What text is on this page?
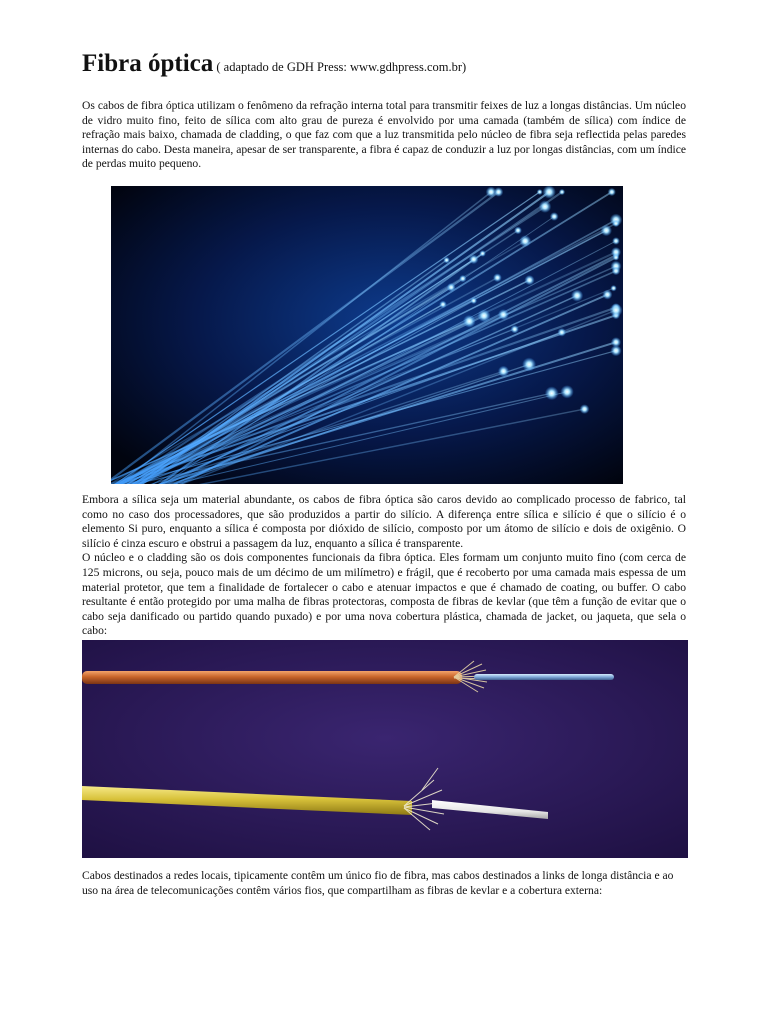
Fibra óptica ( adaptado de GDH Press: www.gdhpress.com.br)

Os cabos de fibra óptica utilizam o fenômeno da refração interna total para transmitir feixes de luz a longas distâncias. Um núcleo de vidro muito fino, feito de sílica com alto grau de pureza é envolvido por uma camada (também de sílica) com índice de refração mais baixo, chamada de cladding, o que faz com que a luz transmitida pelo núcleo de fibra seja reflectida pelas paredes internas do cabo. Desta maneira, apesar de ser transparente, a fibra é capaz de conduzir a luz por longas distâncias, com um índice de perdas muito pequeno.

Embora a sílica seja um material abundante, os cabos de fibra óptica são caros devido ao complicado processo de fabrico, tal como no caso dos processadores, que são produzidos a partir do silício. A diferença entre sílica e silício é que o silício é o elemento Si puro, enquanto a sílica é composta por dióxido de silício, composto por um átomo de silício e dois de oxigênio. O silício é cinza escuro e obstrui a passagem da luz, enquanto a sílica é transparente.
O núcleo e o cladding são os dois componentes funcionais da fibra óptica. Eles formam um conjunto muito fino (com cerca de 125 microns, ou seja, pouco mais de um décimo de um milímetro) e frágil, que é recoberto por uma camada mais espessa de um material protetor, que tem a finalidade de fortalecer o cabo e atenuar impactos e que é chamado de coating, ou buffer. O cabo resultante é então protegido por uma malha de fibras protectoras, composta de fibras de kevlar (que têm a função de evitar que o cabo seja danificado ou partido quando puxado) e por uma nova cobertura plástica, chamada de jacket, ou jaqueta, que sela o cabo:

Cabos destinados a redes locais, tipicamente contêm um único fio de fibra, mas cabos destinados a links de longa distância e ao uso na área de telecomunicações contêm vários fios, que compartilham as fibras de kevlar e a cobertura externa:
